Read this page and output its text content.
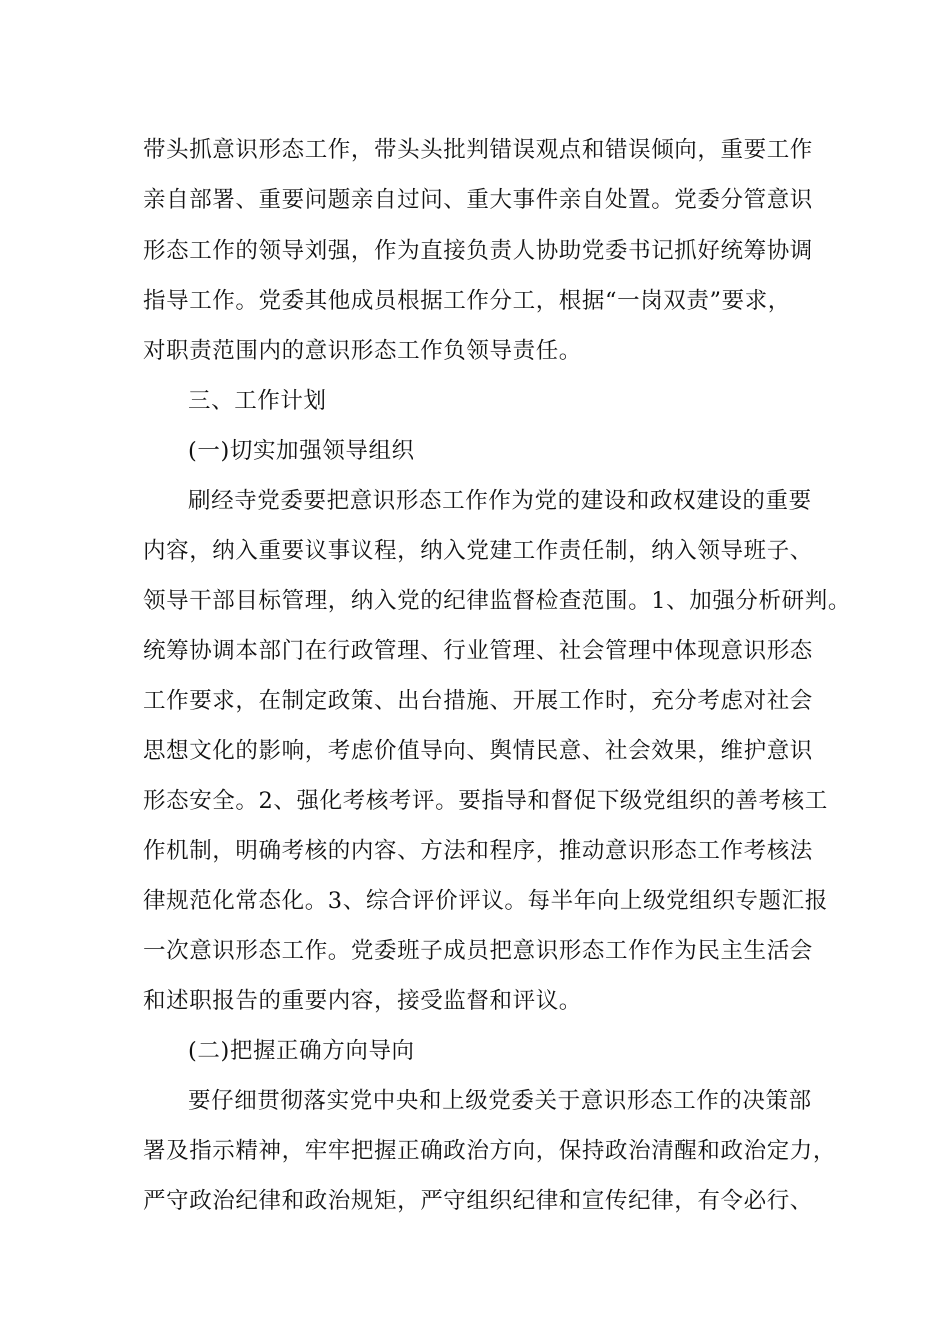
带头抓意识形态工作，带头头批判错误观点和错误倾向，重要工作

亲自部署、重要问题亲自过问、重大事件亲自处置。党委分管意识

形态工作的领导刘强，作为直接负责人协助党委书记抓好统筹协调

指导工作。党委其他成员根据工作分工，根据“一岗双责”要求，

对职责范围内的意识形态工作负领导责任。

三、工作计划

(一)切实加强领导组织

刷经寺党委要把意识形态工作作为党的建设和政权建设的重要

内容，纳入重要议事议程，纳入党建工作责任制，纳入领导班子、

领导干部目标管理，纳入党的纪律监督检查范围。1、加强分析研判。

统筹协调本部门在行政管理、行业管理、社会管理中体现意识形态

工作要求，在制定政策、出台措施、开展工作时，充分考虑对社会

思想文化的影响，考虑价值导向、舆情民意、社会效果，维护意识

形态安全。2、强化考核考评。要指导和督促下级党组织的善考核工

作机制，明确考核的内容、方法和程序，推动意识形态工作考核法

律规范化常态化。3、综合评价评议。每半年向上级党组织专题汇报

一次意识形态工作。党委班子成员把意识形态工作作为民主生活会

和述职报告的重要内容，接受监督和评议。

(二)把握正确方向导向

要仔细贯彻落实党中央和上级党委关于意识形态工作的决策部

署及指示精神，牢牢把握正确政治方向，保持政治清醒和政治定力，

严守政治纪律和政治规矩，严守组织纪律和宣传纪律，有令必行、
